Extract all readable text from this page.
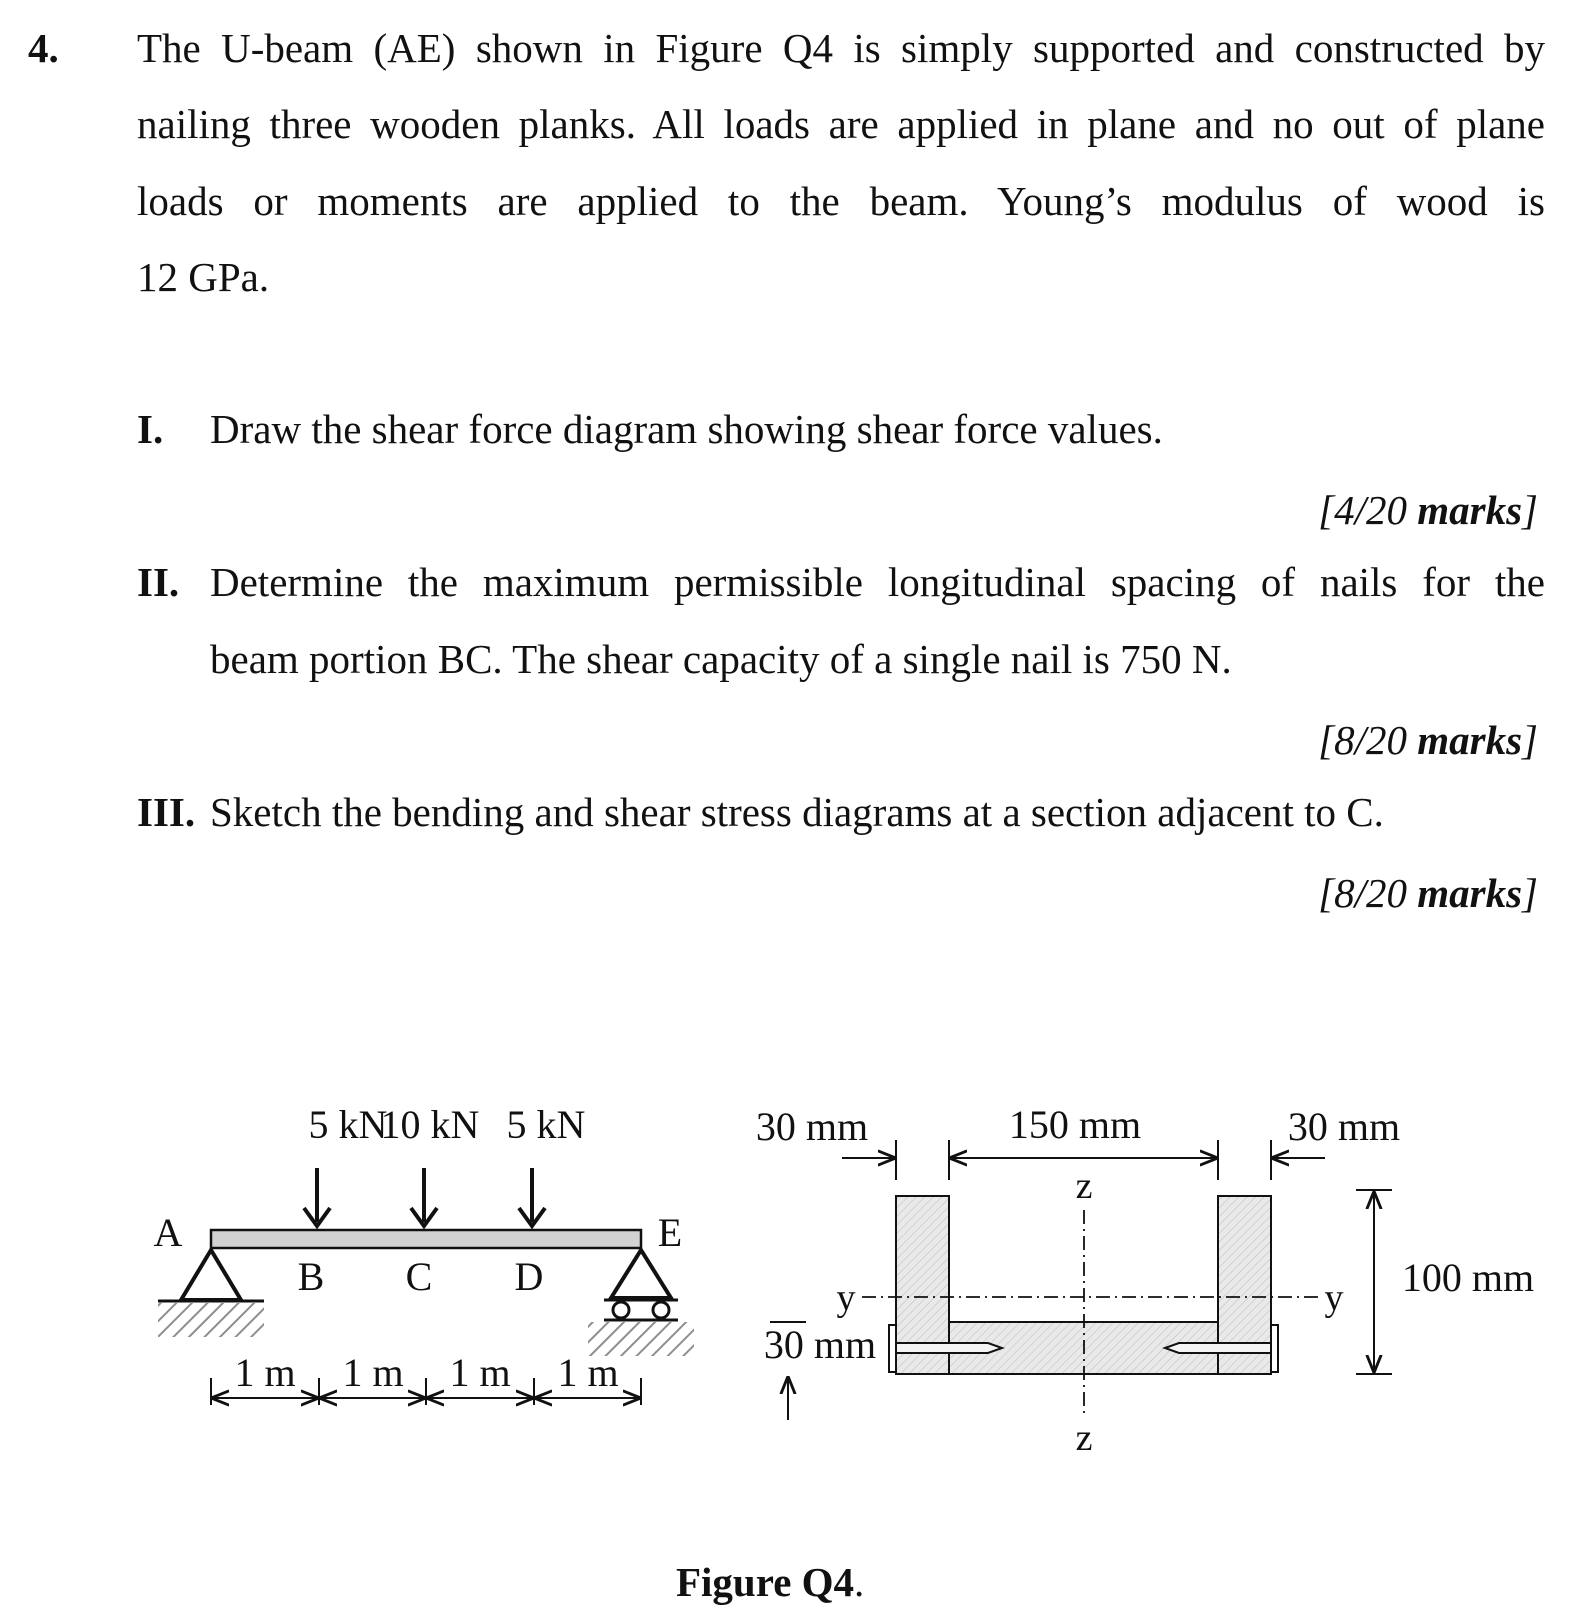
4. The U-beam (AE) shown in Figure Q4 is simply supported and constructed by
nailing three wooden planks. All loads are applied in plane and no out of plane
loads or moments are applied to the beam. Young’s modulus of wood is
12 GPa.
I. Draw the shear force diagram showing shear force values.
[4/20 marks]
II. Determine the maximum permissible longitudinal spacing of nails for the
beam portion BC. The shear capacity of a single nail is 750 N.
[8/20 marks]
III. Sketch the bending and shear stress diagrams at a section adjacent to C.
[8/20 marks]
5 kN
10 kN 5 kN
A
B C D
E
1 m 1 m 1 m 1 m
z
z
y	y
30 mm	150 mm	30 mm
100 mm
30 mm
Figure Q4.
